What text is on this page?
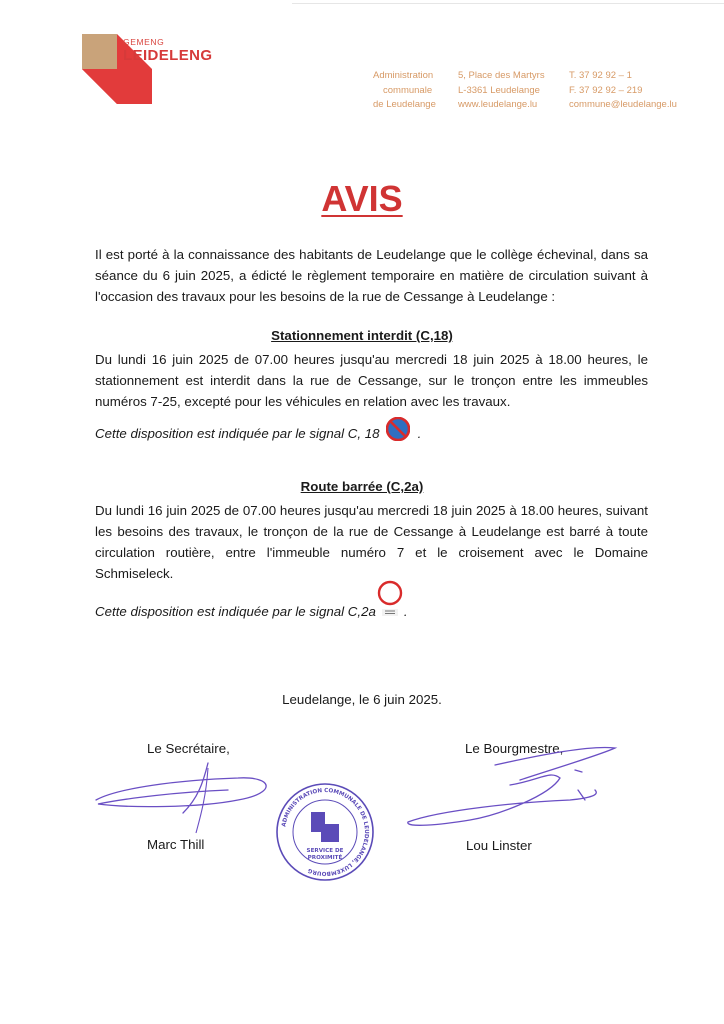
GEMENG
LEIDELENG
Administration
communale
de Leudelange
5, Place des Martyrs
L-3361 Leudelange
www.leudelange.lu
T. 37 92 92 – 1
F. 37 92 92 – 219
commune@leudelange.lu
AVIS
Il est porté à la connaissance des habitants de Leudelange que le collège échevinal, dans sa séance du 6 juin 2025, a édicté le règlement temporaire en matière de circulation suivant à l'occasion des travaux pour les besoins de la rue de Cessange à Leudelange :
Stationnement interdit (C,18)
Du lundi 16 juin 2025 de 07.00 heures jusqu'au mercredi 18 juin 2025 à 18.00 heures, le stationnement est interdit dans la rue de Cessange, sur le tronçon entre les immeubles numéros 7-25, excepté pour les véhicules en relation avec les travaux.
Cette disposition est indiquée par le signal C, 18	.
Route barrée (C,2a)
Du lundi 16 juin 2025 de 07.00 heures jusqu'au mercredi 18 juin 2025 à 18.00 heures, suivant les besoins des travaux, le tronçon de la rue de Cessange à Leudelange est barré à toute circulation routière, entre l'immeuble numéro 7 et le croisement avec le Domaine Schmiseleck.
Cette disposition est indiquée par le signal C,2a .
Leudelange, le 6 juin 2025.
Le Secrétaire,	Le Bourgmestre,
Marc Thill	Lou Linster
ADMINISTRATION COMMUNALE DE LEUDELANGE, LUXEMBOURG
SERVICE DE
PROXIMITÉ
